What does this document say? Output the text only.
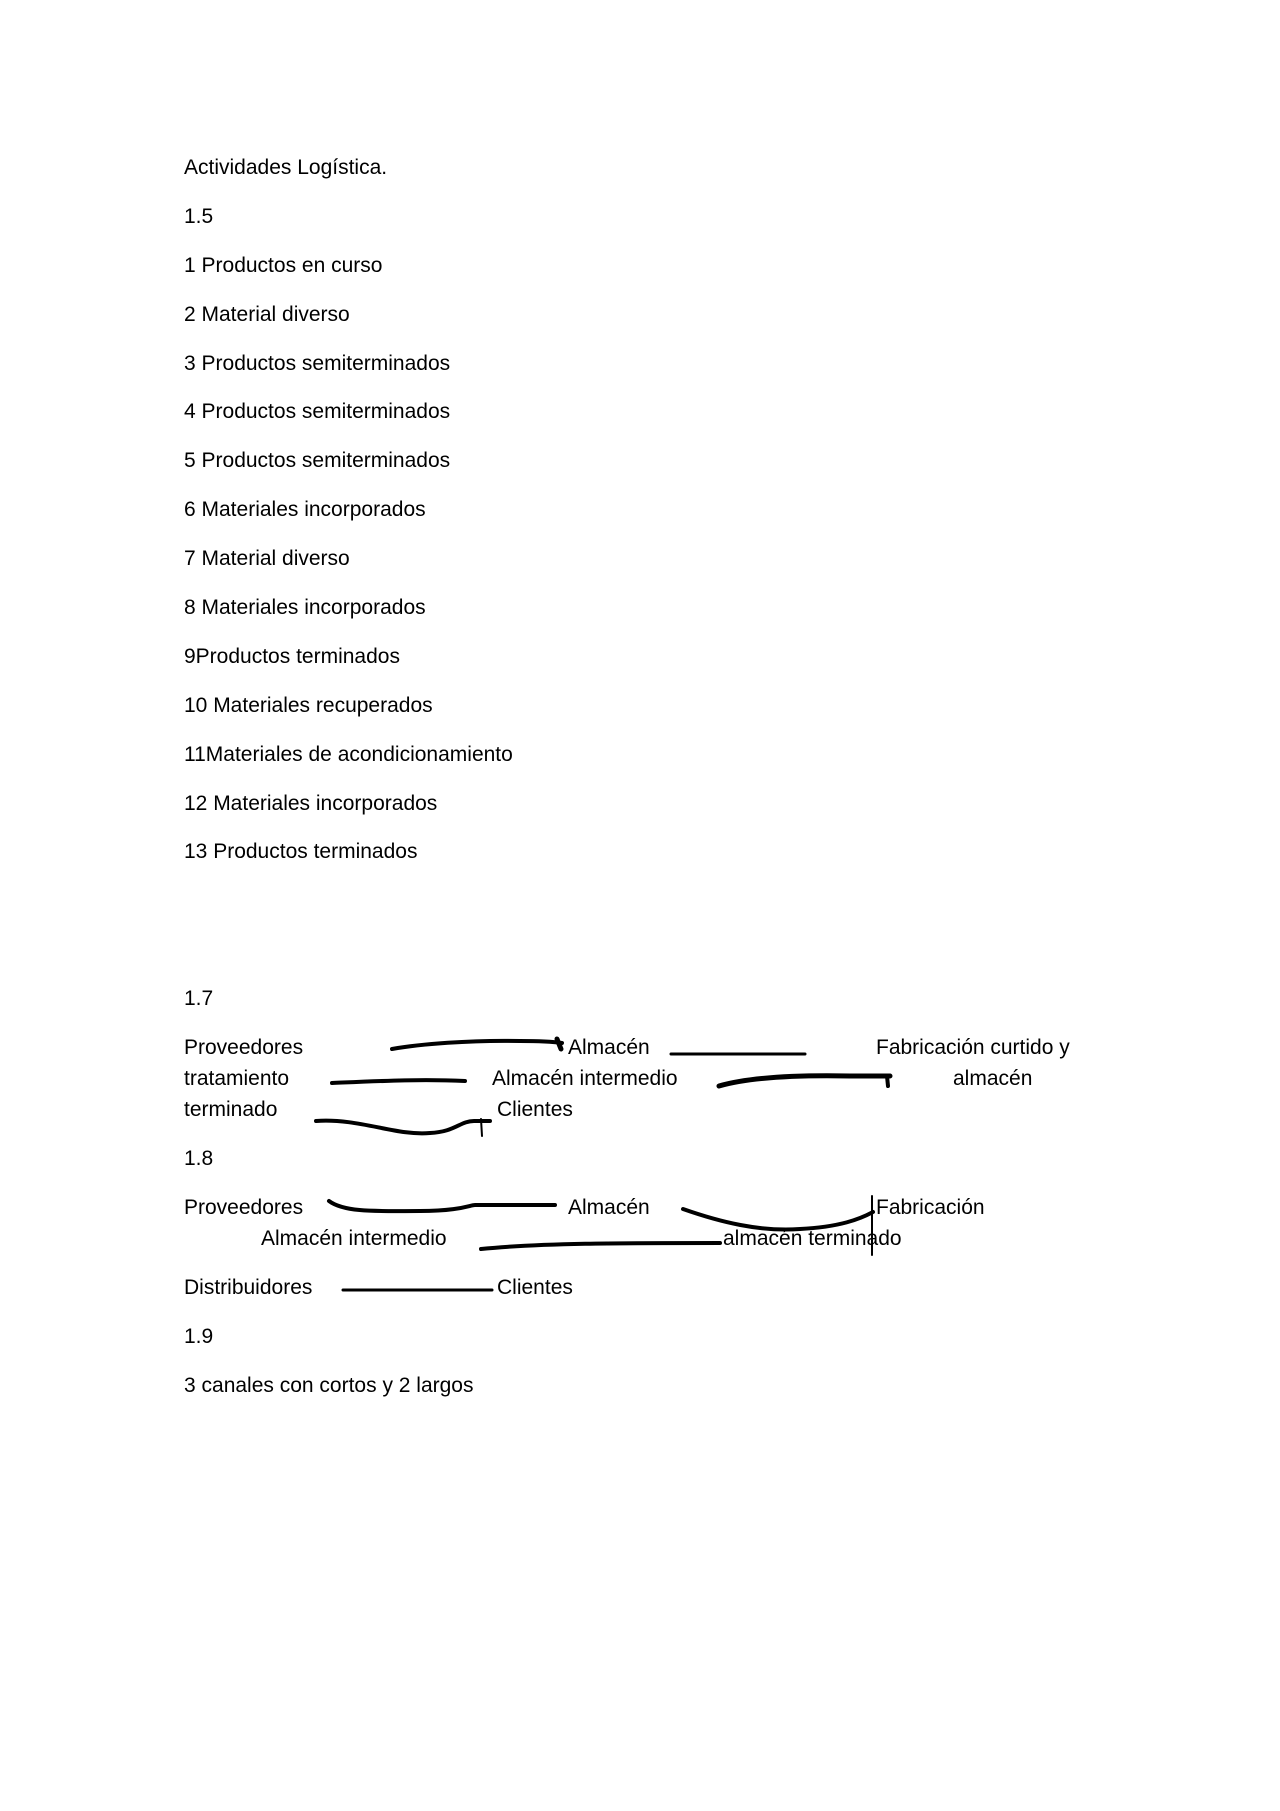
Actividades Logística.

1.5

1 Productos en curso

2 Material diverso

3 Productos semiterminados

4 Productos semiterminados

5 Productos semiterminados

6 Materiales incorporados

7 Material diverso

8 Materiales incorporados

9Productos terminados

10 Materiales recuperados

11Materiales de acondicionamiento

12 Materiales incorporados

13 Productos terminados

1.7

Proveedores	Almacén	Fabricación curtido y

tratamiento	Almacén intermedio	almacén

terminado	Clientes

1.8

Proveedores	Almacén	Fabricación

Almacén intermedio	almacén terminado

Distribuidores	Clientes

1.9

3 canales con cortos y 2 largos
